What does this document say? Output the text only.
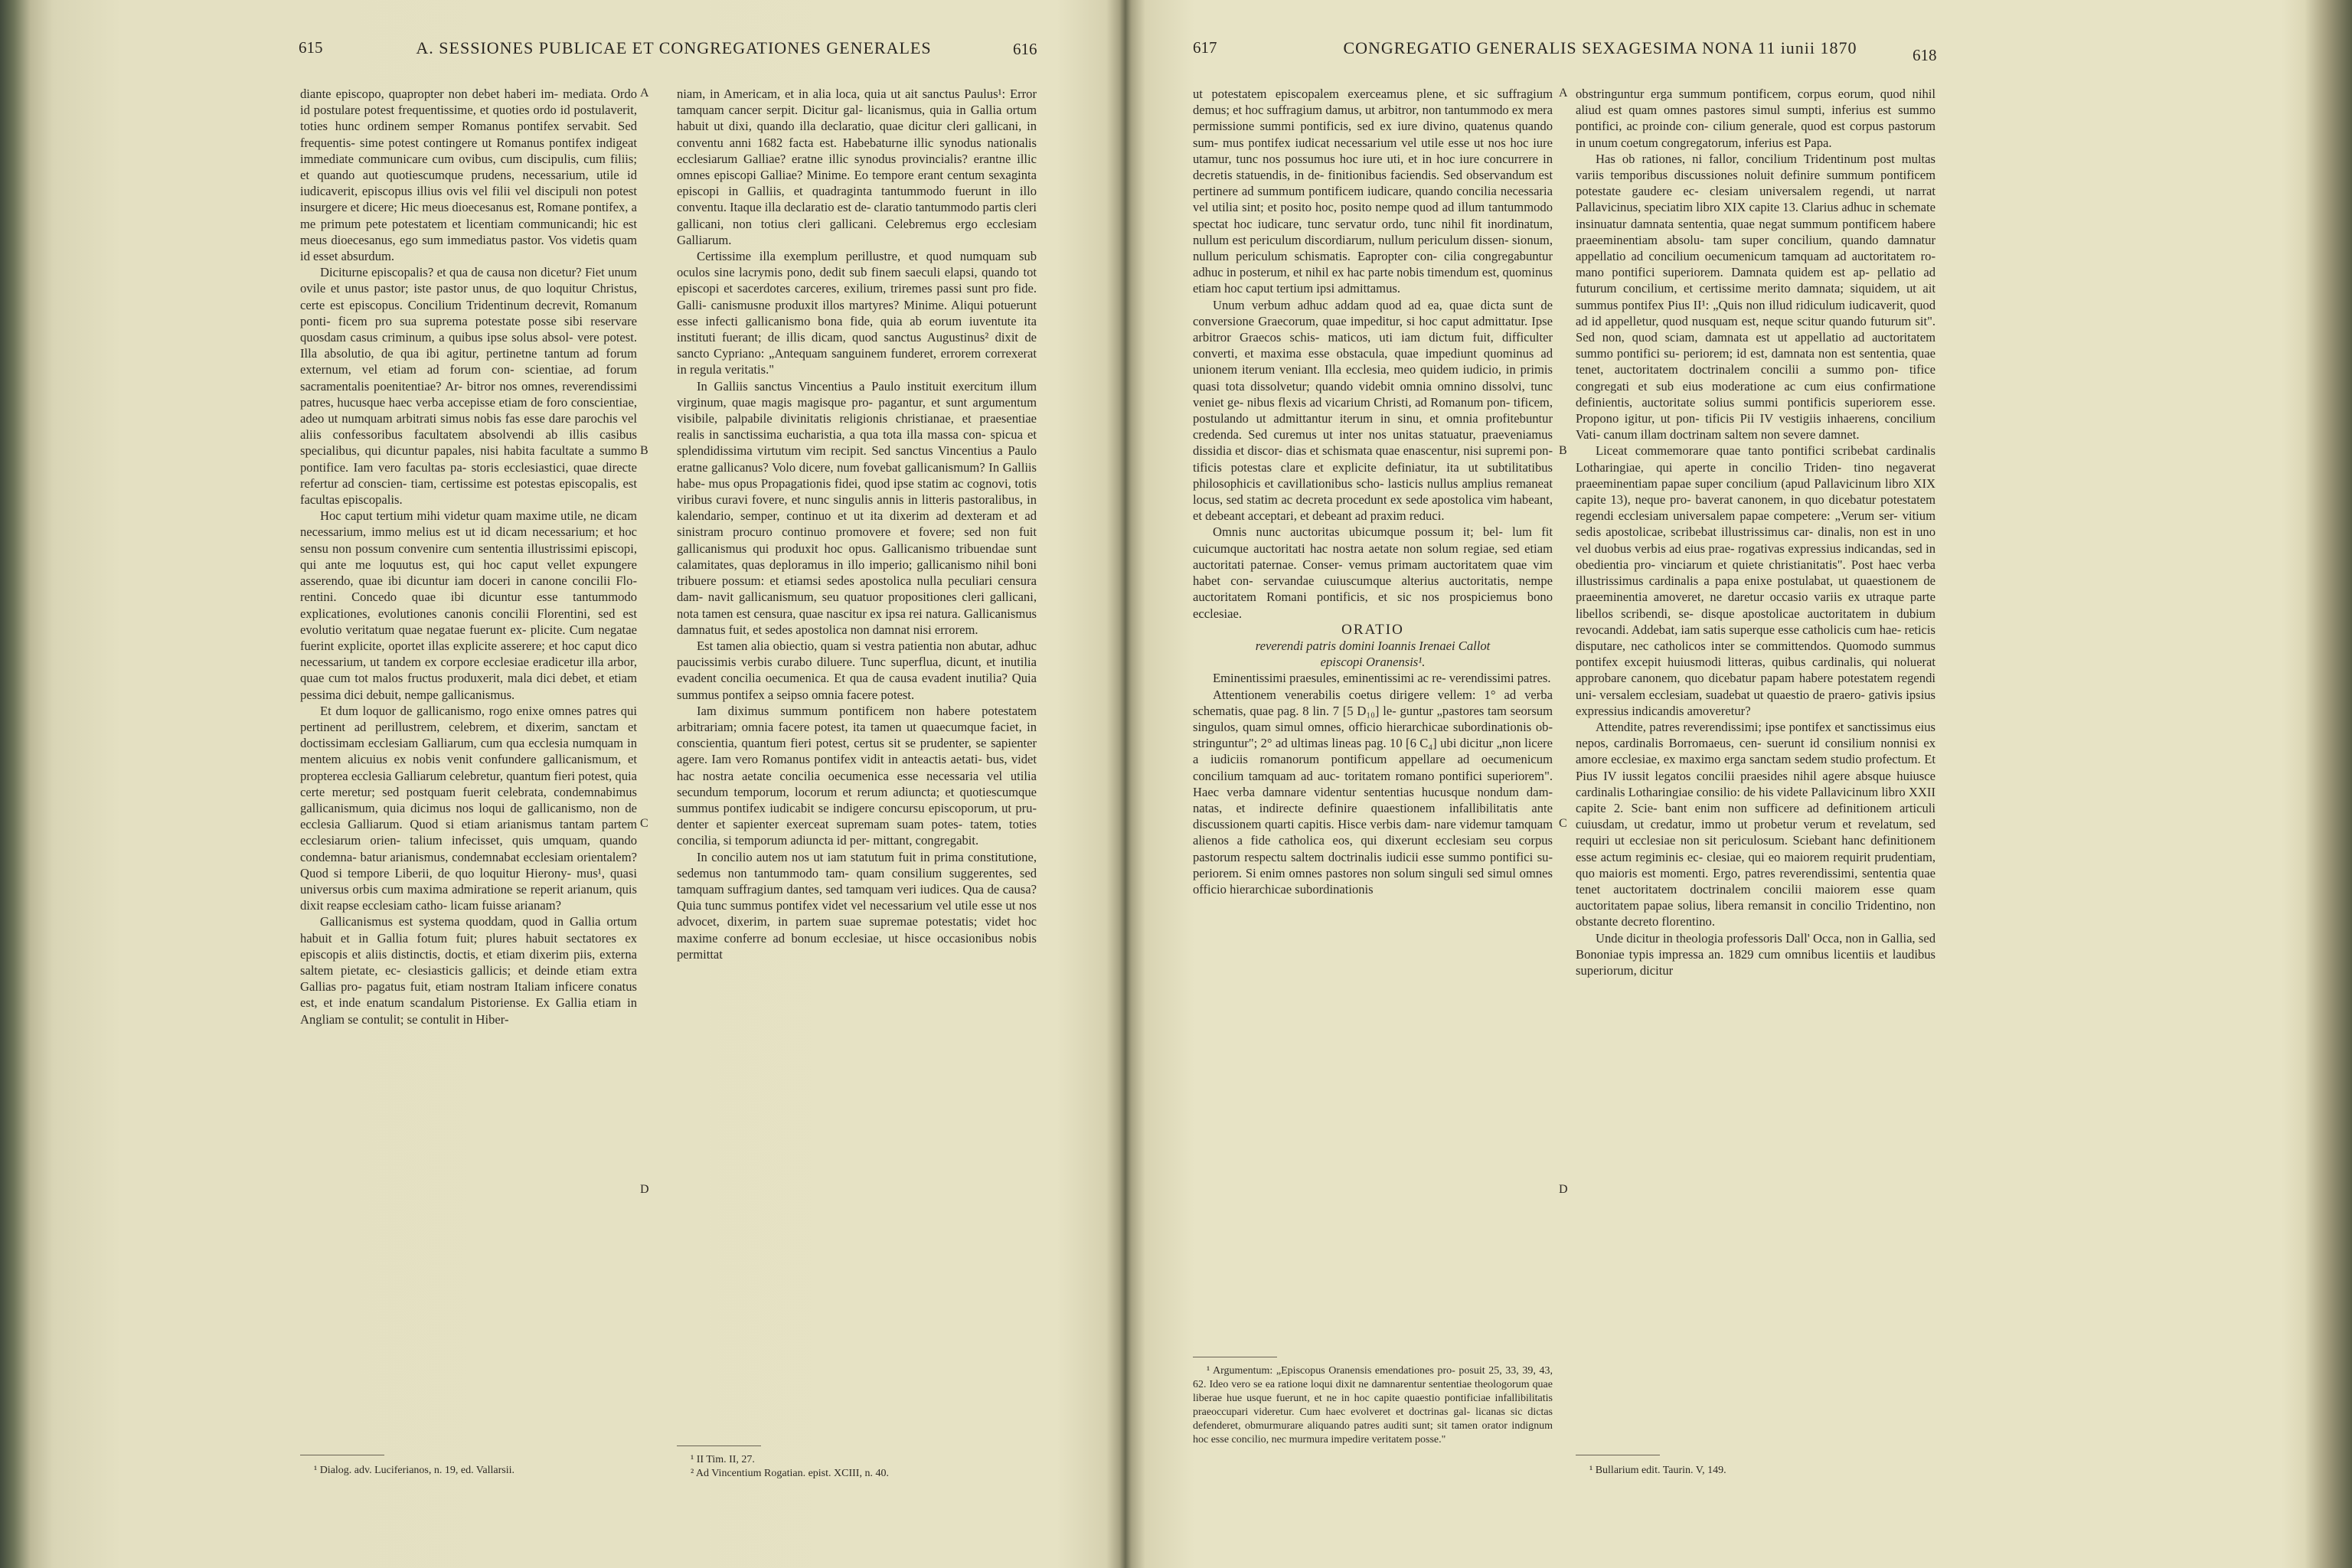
615	A. SESSIONES PUBLICAE ET CONGREGATIONES GENERALES	616

diante episcopo, quapropter non debet haberi im- mediata. Ordo id postulare potest frequentissime, et quoties ordo id postulaverit, toties hunc ordinem semper Romanus pontifex servabit. Sed frequentis- sime potest contingere ut Romanus pontifex indigeat immediate communicare cum ovibus, cum discipulis, cum filiis; et quando aut quotiescumque prudens, necessarium, utile id iudicaverit, episcopus illius ovis vel filii vel discipuli non potest insurgere et dicere; Hic meus dioecesanus est, Romane pontifex, a me primum pete potestatem et licentiam communicandi; hic est meus dioecesanus, ego sum immediatus pastor. Vos videtis quam id esset absurdum.

Diciturne episcopalis? et qua de causa non dicetur? Fiet unum ovile et unus pastor; iste pastor unus, de quo loquitur Christus, certe est episcopus. Concilium Tridentinum decrevit, Romanum ponti- ficem pro sua suprema potestate posse sibi reservare quosdam casus criminum, a quibus ipse solus absol- vere potest. Illa absolutio, de qua ibi agitur, pertinetne tantum ad forum externum, vel etiam ad forum con- scientiae, ad forum sacramentalis poenitentiae? Ar- bitror nos omnes, reverendissimi patres, hucusque haec verba accepisse etiam de foro conscientiae, adeo ut numquam arbitrati simus nobis fas esse dare parochis vel aliis confessoribus facultatem absolvendi ab illis casibus specialibus, qui dicuntur papales, nisi habita facultate a summo pontifice. Iam vero facultas pa- storis ecclesiastici, quae directe refertur ad conscien- tiam, certissime est potestas episcopalis, est facultas episcopalis.

Hoc caput tertium mihi videtur quam maxime utile, ne dicam necessarium, immo melius est ut id dicam necessarium; et hoc sensu non possum convenire cum sententia illustrissimi episcopi, qui ante me loquutus est, qui hoc caput vellet expungere asserendo, quae ibi dicuntur iam doceri in canone concilii Flo- rentini. Concedo quae ibi dicuntur esse tantummodo explicationes, evolutiones canonis concilii Florentini, sed est evolutio veritatum quae negatae fuerunt ex- plicite. Cum negatae fuerint explicite, oportet illas explicite asserere; et hoc caput dico necessarium, ut tandem ex corpore ecclesiae eradicetur illa arbor, quae cum tot malos fructus produxerit, mala dici debet, et etiam pessima dici debuit, nempe gallicanismus.

Et dum loquor de gallicanismo, rogo enixe omnes patres qui pertinent ad perillustrem, celebrem, et dixerim, sanctam et doctissimam ecclesiam Galliarum, cum qua ecclesia numquam in mentem alicuius ex nobis venit confundere gallicanismum, et propterea ecclesia Galliarum celebretur, quantum fieri potest, quia certe meretur; sed postquam fuerit celebrata, condemnabimus gallicanismum, quia dicimus nos loqui de gallicanismo, non de ecclesia Galliarum. Quod si etiam arianismus tantam partem ecclesiarum orien- talium infecisset, quis umquam, quando condemna- batur arianismus, condemnabat ecclesiam orientalem? Quod si tempore Liberii, de quo loquitur Hierony- mus¹, quasi universus orbis cum maxima admiratione se reperit arianum, quis dixit reapse ecclesiam catho- licam fuisse arianam?

Gallicanismus est systema quoddam, quod in Gallia ortum habuit et in Gallia fotum fuit; plures habuit sectatores ex episcopis et aliis distinctis, doctis, et etiam dixerim piis, externa saltem pietate, ec- clesiasticis gallicis; et deinde etiam extra Gallias pro- pagatus fuit, etiam nostram Italiam inficere conatus est, et inde enatum scandalum Pistoriense. Ex Gallia etiam in Angliam se contulit; se contulit in Hiber-

¹ Dialog. adv. Luciferianos, n. 19, ed. Vallarsii.

A
B
C
D

niam, in Americam, et in alia loca, quia ut ait sanctus Paulus¹: Error tamquam cancer serpit. Dicitur gal- licanismus, quia in Gallia ortum habuit ut dixi, quando illa declaratio, quae dicitur cleri gallicani, in conventu anni 1682 facta est. Habebaturne illic synodus nationalis ecclesiarum Galliae? eratne illic synodus provincialis? erantne illic omnes episcopi Galliae? Minime. Eo tempore erant centum sexaginta episcopi in Galliis, et quadraginta tantummodo fuerunt in illo conventu. Itaque illa declaratio est de- claratio tantummodo partis cleri gallicani, non totius cleri gallicani. Celebremus ergo ecclesiam Galliarum.

Certissime illa exemplum perillustre, et quod numquam sub oculos sine lacrymis pono, dedit sub finem saeculi elapsi, quando tot episcopi et sacerdotes carceres, exilium, triremes passi sunt pro fide. Galli- canismusne produxit illos martyres? Minime. Aliqui potuerunt esse infecti gallicanismo bona fide, quia ab eorum iuventute ita instituti fuerant; de illis dicam, quod sanctus Augustinus² dixit de sancto Cypriano: „Antequam sanguinem funderet, errorem correxerat in regula veritatis."

In Galliis sanctus Vincentius a Paulo instituit exercitum illum virginum, quae magis magisque pro- pagantur, et sunt argumentum visibile, palpabile divinitatis religionis christianae, et praesentiae realis in sanctissima eucharistia, a qua tota illa massa con- spicua et splendidissima virtutum vim recipit. Sed sanctus Vincentius a Paulo eratne gallicanus? Volo dicere, num fovebat gallicanismum? In Galliis habe- mus opus Propagationis fidei, quod ipse statim ac cognovi, totis viribus curavi fovere, et nunc singulis annis in litteris pastoralibus, in kalendario, semper, continuo et ut ita dixerim ad dexteram et ad sinistram procuro continuo promovere et fovere; sed non fuit gallicanismus qui produxit hoc opus. Gallicanismo tribuendae sunt calamitates, quas deploramus in illo imperio; gallicanismo nihil boni tribuere possum: et etiamsi sedes apostolica nulla peculiari censura dam- navit gallicanismum, seu quatuor propositiones cleri gallicani, nota tamen est censura, quae nascitur ex ipsa rei natura. Gallicanismus damnatus fuit, et sedes apostolica non damnat nisi errorem.

Est tamen alia obiectio, quam si vestra patientia non abutar, adhuc paucissimis verbis curabo diluere. Tunc superflua, dicunt, et inutilia evadent concilia oecumenica. Et qua de causa evadent inutilia? Quia summus pontifex a seipso omnia facere potest.

Iam diximus summum pontificem non habere potestatem arbitrariam; omnia facere potest, ita tamen ut quaecumque faciet, in conscientia, quantum fieri potest, certus sit se prudenter, se sapienter agere. Iam vero Romanus pontifex vidit in anteactis aetati- bus, videt hac nostra aetate concilia oecumenica esse necessaria vel utilia secundum temporum, locorum et rerum adiuncta; et quotiescumque summus pontifex iudicabit se indigere concursu episcoporum, ut pru- denter et sapienter exerceat supremam suam potes- tatem, toties concilia, si temporum adiuncta id per- mittant, congregabit.

In concilio autem nos ut iam statutum fuit in prima constitutione, sedemus non tantummodo tam- quam consilium suggerentes, sed tamquam suffragium dantes, sed tamquam veri iudices. Qua de causa? Quia tunc summus pontifex videt vel necessarium vel utile esse ut nos advocet, dixerim, in partem suae supremae potestatis; videt hoc maxime conferre ad bonum ecclesiae, ut hisce occasionibus nobis permittat

¹ II Tim. II, 27.

² Ad Vincentium Rogatian. epist. XCIII, n. 40.

617	CONGREGATIO GENERALIS SEXAGESIMA NONA 11 iunii 1870	618

ut potestatem episcopalem exerceamus plene, et sic suffragium demus; et hoc suffragium damus, ut arbitror, non tantummodo ex mera permissione summi pontificis, sed ex iure divino, quatenus quando sum- mus pontifex iudicat necessarium vel utile esse ut nos hoc iure utamur, tunc nos possumus hoc iure uti, et in hoc iure concurrere in decretis statuendis, in de- finitionibus faciendis. Sed observandum est pertinere ad summum pontificem iudicare, quando concilia necessaria vel utilia sint; et posito hoc, posito nempe quod ad illum tantummodo spectat hoc iudicare, tunc servatur ordo, tunc nihil fit inordinatum, nullum est periculum discordiarum, nullum periculum dissen- sionum, nullum periculum schismatis. Eapropter con- cilia congregabuntur adhuc in posterum, et nihil ex hac parte nobis timendum est, quominus etiam hoc caput tertium ipsi admittamus.

Unum verbum adhuc addam quod ad ea, quae dicta sunt de conversione Graecorum, quae impeditur, si hoc caput admittatur. Ipse arbitror Graecos schis- maticos, uti iam dictum fuit, difficulter converti, et maxima esse obstacula, quae impediunt quominus ad unionem iterum veniant. Illa ecclesia, meo quidem iudicio, in primis quasi tota dissolvetur; quando videbit omnia omnino dissolvi, tunc veniet ge- nibus flexis ad vicarium Christi, ad Romanum pon- tificem, postulando ut admittantur iterum in sinu, et omnia profitebuntur credenda. Sed curemus ut inter nos unitas statuatur, praeveniamus dissidia et discor- dias et schismata quae enascentur, nisi supremi pon- tificis potestas clare et explicite definiatur, ita ut subtilitatibus philosophicis et cavillationibus scho- lasticis nullus amplius remaneat locus, sed statim ac decreta procedunt ex sede apostolica vim habeant, et debeant acceptari, et debeant ad praxim reduci.

Omnis nunc auctoritas ubicumque possum it; bel- lum fit cuicumque auctoritati hac nostra aetate non solum regiae, sed etiam auctoritati paternae. Conser- vemus primam auctoritatem quae vim habet con- servandae cuiuscumque alterius auctoritatis, nempe auctoritatem Romani pontificis, et sic nos prospiciemus bono ecclesiae.

ORATIO

reverendi patris domini Ioannis Irenaei Callot

episcopi Oranensis¹.

Eminentissimi praesules, eminentissimi ac re- verendissimi patres.

Attentionem venerabilis coetus dirigere vellem: 1° ad verba schematis, quae pag. 8 lin. 7 [5 D₁₀] le- guntur „pastores tam seorsum singulos, quam simul omnes, officio hierarchicae subordinationis ob- stringuntur"; 2° ad ultimas lineas pag. 10 [6 C₄] ubi dicitur „non licere a iudiciis romanorum pontificum appellare ad oecumenicum concilium tamquam ad auc- toritatem romano pontifici superiorem". Haec verba damnare videntur sententias hucusque nondum dam- natas, et indirecte definire quaestionem infallibilitatis ante discussionem quarti capitis. Hisce verbis dam- nare videmur tamquam alienos a fide catholica eos, qui dixerunt ecclesiam seu corpus pastorum respectu saltem doctrinalis iudicii esse summo pontifici su- periorem. Si enim omnes pastores non solum singuli sed simul omnes officio hierarchicae subordinationis

¹ Argumentum: „Episcopus Oranensis emendationes pro- posuit 25, 33, 39, 43, 62. Ideo vero se ea ratione loqui dixit ne damnarentur sententiae theologorum quae liberae hue usque fuerunt, et ne in hoc capite quaestio pontificiae infallibilitatis praeoccupari videretur. Cum haec evolveret et doctrinas gal- licanas sic dictas defenderet, obmurmurare aliquando patres auditi sunt; sit tamen orator indignum hoc esse concilio, nec murmura impedire veritatem posse."

A
B
C
D

obstringuntur erga summum pontificem, corpus eorum, quod nihil aliud est quam omnes pastores simul sumpti, inferius est summo pontifici, ac proinde con- cilium generale, quod est corpus pastorum in unum coetum congregatorum, inferius est Papa.

Has ob rationes, ni fallor, concilium Tridentinum post multas variis temporibus discussiones noluit definire summum pontificem potestate gaudere ec- clesiam universalem regendi, ut narrat Pallavicinus, speciatim libro XIX capite 13. Clarius adhuc in schemate insinuatur damnata sententia, quae negat summum pontificem habere praeeminentiam absolu- tam super concilium, quando damnatur appellatio ad concilium oecumenicum tamquam ad auctoritatem ro- mano pontifici superiorem. Damnata quidem est ap- pellatio ad futurum concilium, et certissime merito damnata; siquidem, ut ait summus pontifex Pius II¹: „Quis non illud ridiculum iudicaverit, quod ad id appelletur, quod nusquam est, neque scitur quando futurum sit". Sed non, quod sciam, damnata est ut appellatio ad auctoritatem summo pontifici su- periorem; id est, damnata non est sententia, quae tenet, auctoritatem doctrinalem concilii a summo pon- tifice congregati et sub eius moderatione ac cum eius confirmatione definientis, auctoritate solius summi pontificis superiorem esse. Propono igitur, ut pon- tificis Pii IV vestigiis inhaerens, concilium Vati- canum illam doctrinam saltem non severe damnet.

Liceat commemorare quae tanto pontifici scribebat cardinalis Lotharingiae, qui aperte in concilio Triden- tino negaverat praeeminentiam papae super concilium (apud Pallavicinum libro XIX capite 13), neque pro- baverat canonem, in quo dicebatur potestatem regendi ecclesiam universalem papae competere: „Verum ser- vitium sedis apostolicae, scribebat illustrissimus car- dinalis, non est in uno vel duobus verbis ad eius prae- rogativas expressius indicandas, sed in obedientia pro- vinciarum et quiete christianitatis". Post haec verba illustrissimus cardinalis a papa enixe postulabat, ut quaestionem de praeeminentia amoveret, ne daretur occasio variis ex utraque parte libellos scribendi, se- disque apostolicae auctoritatem in dubium revocandi. Addebat, iam satis superque esse catholicis cum hae- reticis disputare, nec catholicos inter se committendos. Quomodo summus pontifex excepit huiusmodi litteras, quibus cardinalis, qui noluerat approbare canonem, quo dicebatur papam habere potestatem regendi uni- versalem ecclesiam, suadebat ut quaestio de praero- gativis ipsius expressius indicandis amoveretur?

Attendite, patres reverendissimi; ipse pontifex et sanctissimus eius nepos, cardinalis Borromaeus, cen- suerunt id consilium nonnisi ex amore ecclesiae, ex maximo erga sanctam sedem studio profectum. Et Pius IV iussit legatos concilii praesides nihil agere absque huiusce cardinalis Lotharingiae consilio: de his videte Pallavicinum libro XXII capite 2. Scie- bant enim non sufficere ad definitionem articuli cuiusdam, ut credatur, immo ut probetur verum et revelatum, sed requiri ut ecclesiae non sit periculosum. Sciebant hanc definitionem esse actum regiminis ec- clesiae, qui eo maiorem requirit prudentiam, quo maioris est momenti. Ergo, patres reverendissimi, sententia quae tenet auctoritatem doctrinalem concilii maiorem esse quam auctoritatem papae solius, libera remansit in concilio Tridentino, non obstante decreto florentino.

Unde dicitur in theologia professoris Dall' Occa, non in Gallia, sed Bononiae typis impressa an. 1829 cum omnibus licentiis et laudibus superiorum, dicitur

¹ Bullarium edit. Taurin. V, 149.
